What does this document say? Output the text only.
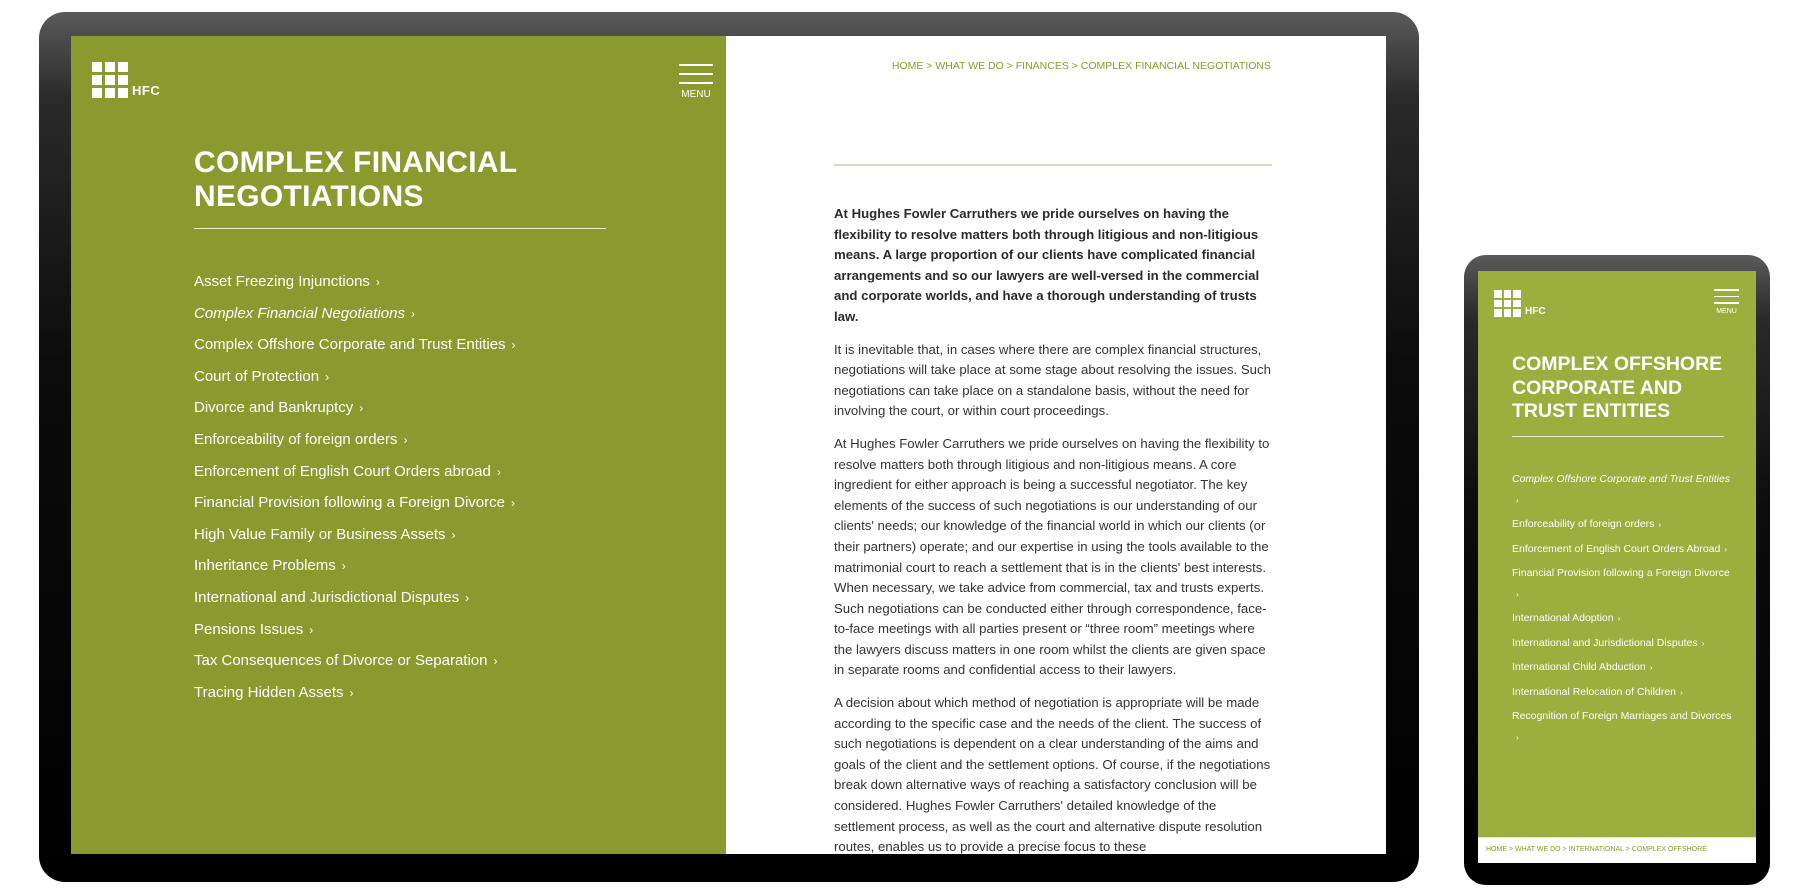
HFC	MENU
COMPLEX FINANCIAL NEGOTIATIONS
Asset Freezing Injunctions ›
Complex Financial Negotiations ›
Complex Offshore Corporate and Trust Entities ›
Court of Protection ›
Divorce and Bankruptcy ›
Enforceability of foreign orders ›
Enforcement of English Court Orders abroad ›
Financial Provision following a Foreign Divorce ›
High Value Family or Business Assets ›
Inheritance Problems ›
International and Jurisdictional Disputes ›
Pensions Issues ›
Tax Consequences of Divorce or Separation ›
Tracing Hidden Assets ›
HOME > WHAT WE DO > FINANCES > COMPLEX FINANCIAL NEGOTIATIONS

At Hughes Fowler Carruthers we pride ourselves on having the flexibility to resolve matters both through litigious and non-litigious means. A large proportion of our clients have complicated financial arrangements and so our lawyers are well-versed in the commercial and corporate worlds, and have a thorough understanding of trusts law.

It is inevitable that, in cases where there are complex financial structures, negotiations will take place at some stage about resolving the issues. Such negotiations can take place on a standalone basis, without the need for involving the court, or within court proceedings.

At Hughes Fowler Carruthers we pride ourselves on having the flexibility to resolve matters both through litigious and non-litigious means. A core ingredient for either approach is being a successful negotiator. The key elements of the success of such negotiations is our understanding of our clients' needs; our knowledge of the financial world in which our clients (or their partners) operate; and our expertise in using the tools available to the matrimonial court to reach a settlement that is in the clients' best interests. When necessary, we take advice from commercial, tax and trusts experts. Such negotiations can be conducted either through correspondence, face-to-face meetings with all parties present or “three room” meetings where the lawyers discuss matters in one room whilst the clients are given space in separate rooms and confidential access to their lawyers.

A decision about which method of negotiation is appropriate will be made according to the specific case and the needs of the client. The success of such negotiations is dependent on a clear understanding of the aims and goals of the client and the settlement options. Of course, if the negotiations break down alternative ways of reaching a satisfactory conclusion will be considered. Hughes Fowler Carruthers' detailed knowledge of the settlement process, as well as the court and alternative dispute resolution routes, enables us to provide a precise focus to these

HFC	MENU
COMPLEX OFFSHORE CORPORATE AND TRUST ENTITIES
Complex Offshore Corporate and Trust Entities›
Enforceability of foreign orders ›
Enforcement of English Court Orders Abroad ›
Financial Provision following a Foreign Divorce›
International Adoption ›
International and Jurisdictional Disputes ›
International Child Abduction ›
International Relocation of Children ›
Recognition of Foreign Marriages and Divorces›
HOME > WHAT WE DO > INTERNATIONAL > COMPLEX OFFSHORE
